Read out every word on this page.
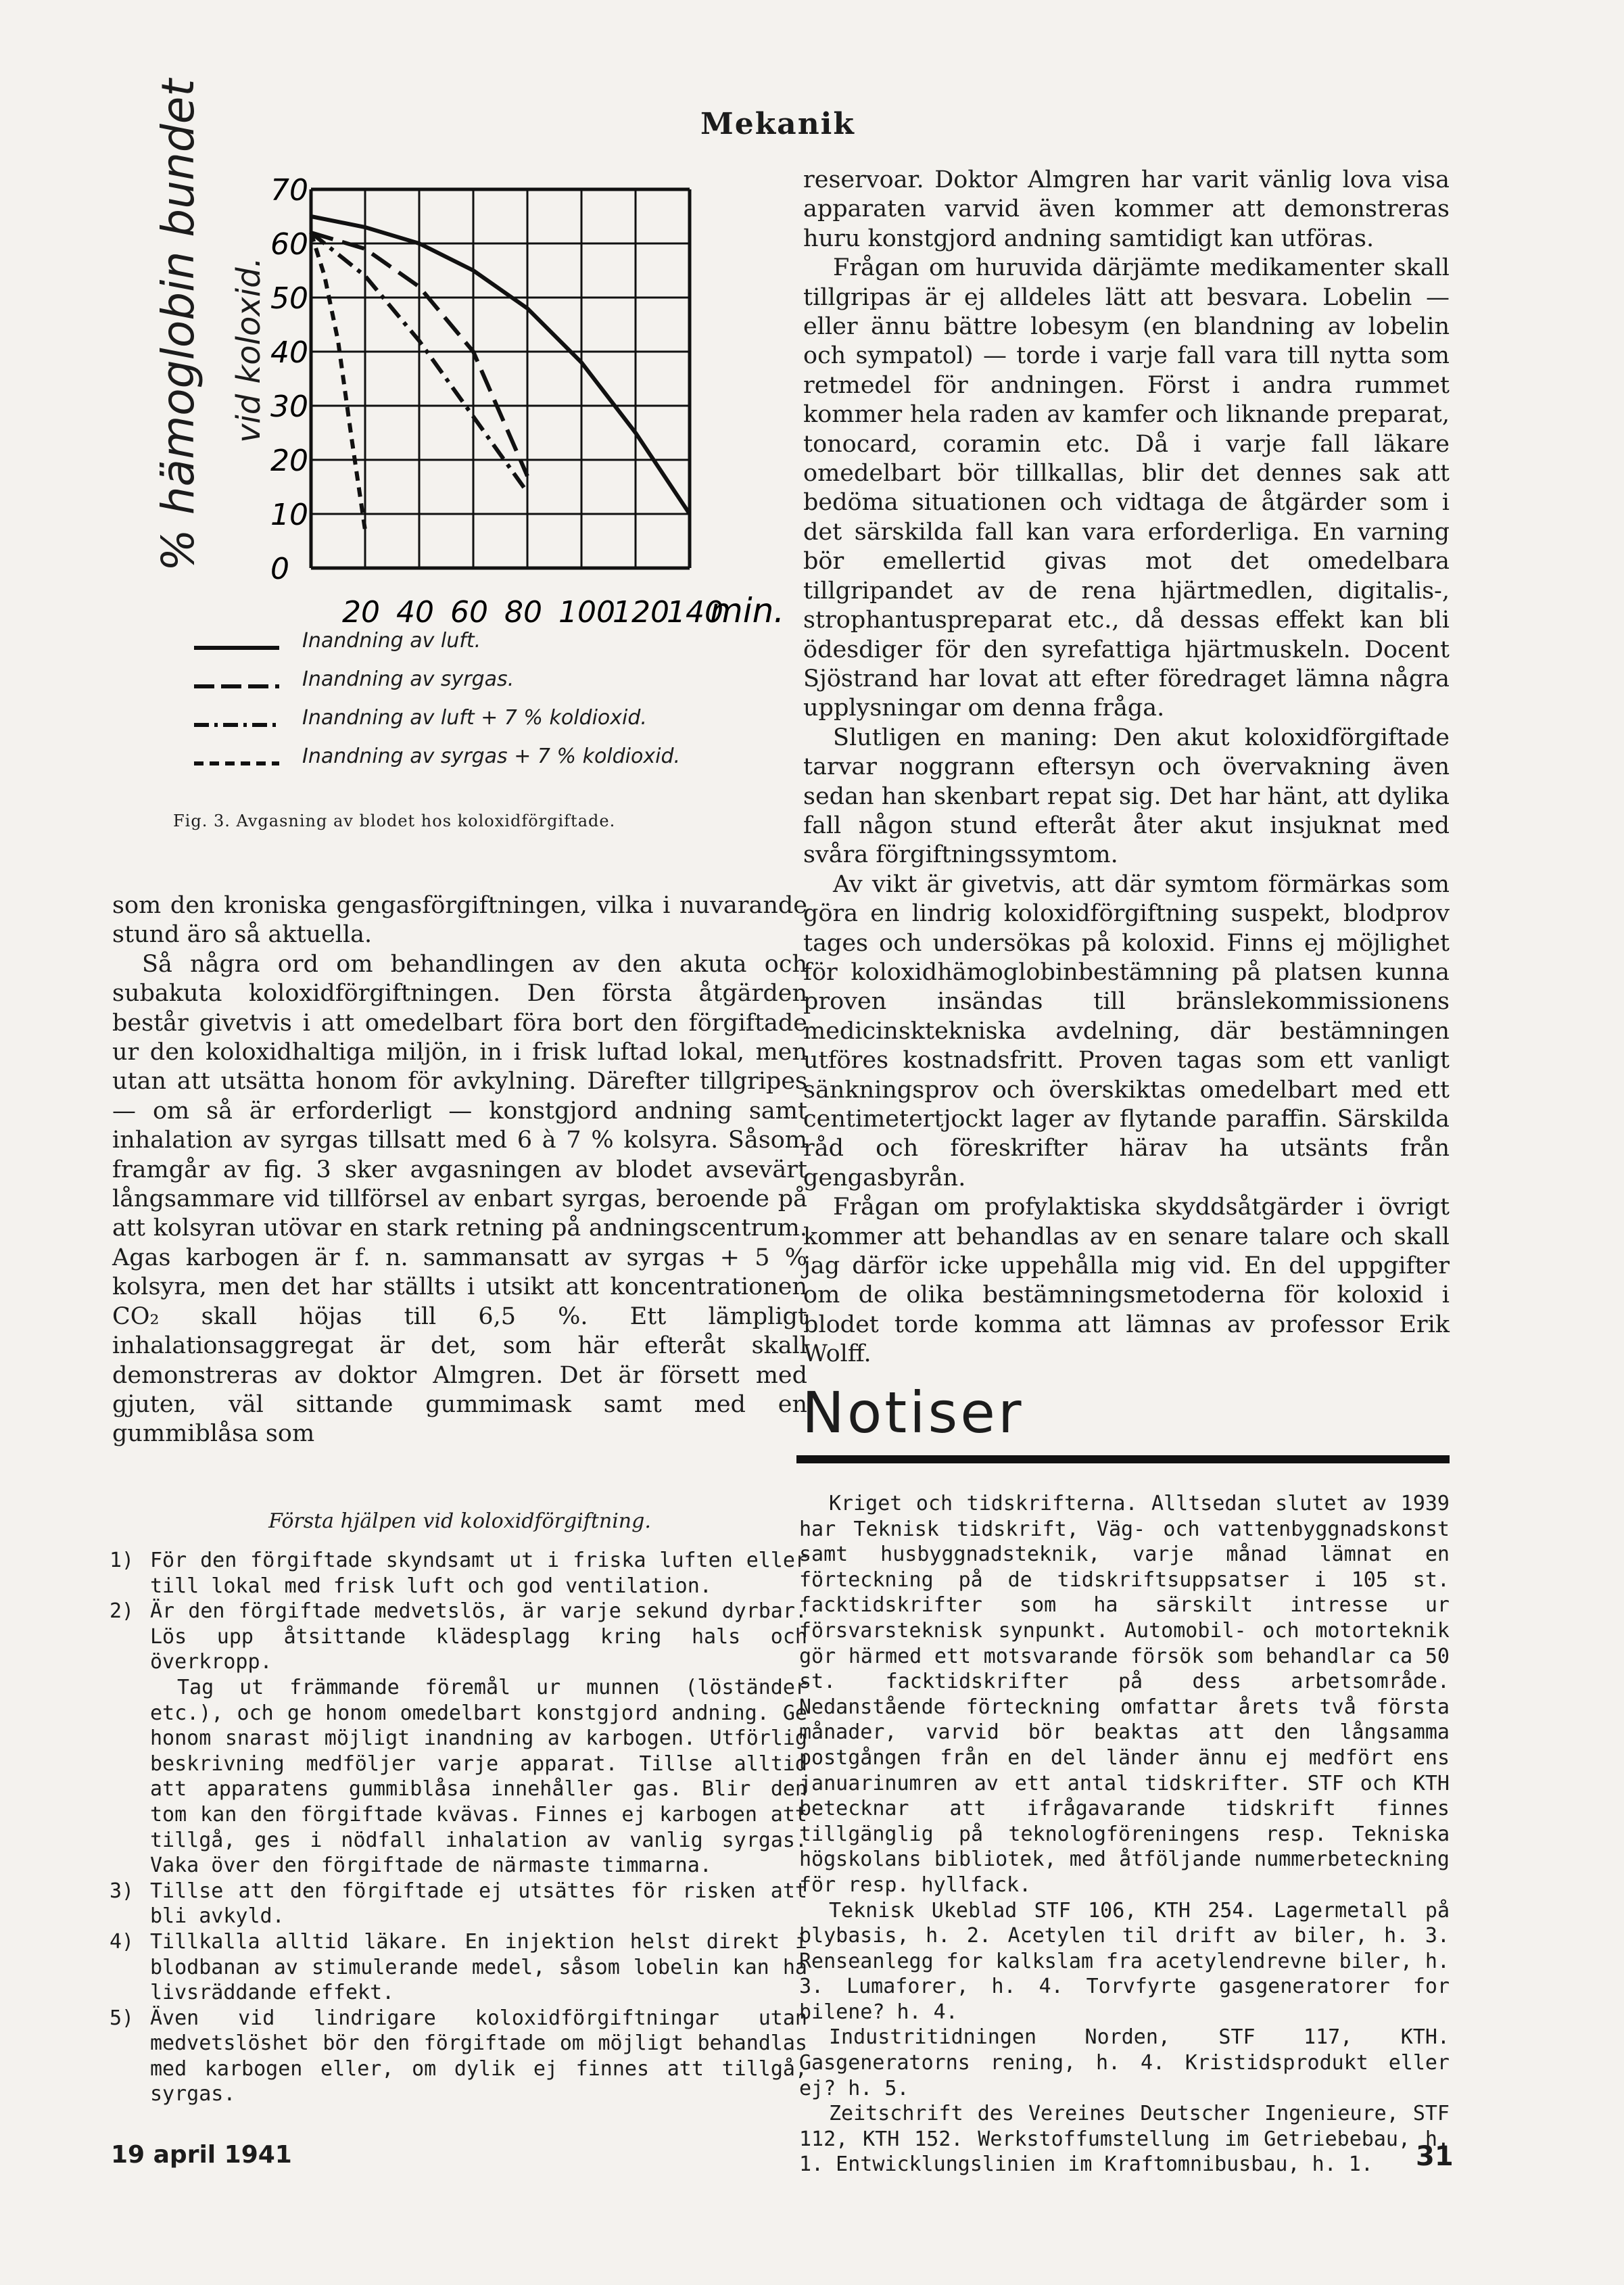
Mekanik
0
10
20
30
40
50
60
70
20 40 60 80 100
120
140
min.
% hämoglobin bundet vid koloxid.
Inandning av luft.
Inandning av syrgas.
Inandning av luft + 7 % koldioxid.
Inandning av syrgas + 7 % koldioxid.
Fig. 3. Avgasning av blodet hos koloxidförgiftade.

som den kroniska gengasförgiftningen, vilka i nuvarande stund äro så aktuella.

Så några ord om behandlingen av den akuta och subakuta koloxidförgiftningen. Den första åtgärden består givetvis i att omedelbart föra bort den förgiftade ur den koloxidhaltiga miljön, in i frisk luftad lokal, men utan att utsätta honom för avkylning. Därefter tillgripes — om så är erforderligt — konstgjord andning samt inhalation av syrgas tillsatt med 6 à 7 % kolsyra. Såsom framgår av fig. 3 sker avgasningen av blodet avsevärt långsammare vid tillförsel av enbart syrgas, beroende på att kolsyran utövar en stark retning på andningscentrum. Agas karbogen är f. n. sammansatt av syrgas + 5 % kolsyra, men det har ställts i utsikt att koncentrationen CO₂ skall höjas till 6,5 %. Ett lämpligt inhalationsaggregat är det, som här efteråt skall demonstreras av doktor Almgren. Det är försett med gjuten, väl sittande gummimask samt med en gummiblåsa som

Första hjälpen vid koloxidförgiftning.
1) För den förgiftade skyndsamt ut i friska luften eller till lokal med frisk luft och god ventilation.
2) Är den förgiftade medvetslös, är varje sekund dyrbar. Lös upp åtsittande klädesplagg kring hals och överkropp.
Tag ut främmande föremål ur munnen (löständer etc.), och ge honom omedelbart konstgjord andning. Ge honom snarast möjligt inandning av karbogen. Utförlig beskrivning medföljer varje apparat. Tillse alltid att apparatens gummiblåsa innehåller gas. Blir den tom kan den förgiftade kvävas. Finnes ej karbogen att tillgå, ges i nödfall inhalation av vanlig syrgas. Vaka över den förgiftade de närmaste timmarna.
3) Tillse att den förgiftade ej utsättes för risken att bli avkyld.
4) Tillkalla alltid läkare. En injektion helst direkt i blodbanan av stimulerande medel, såsom lobelin kan ha livsräddande effekt.
5) Även vid lindrigare koloxidförgiftningar utan medvetslöshet bör den förgiftade om möjligt behandlas med karbogen eller, om dylik ej finnes att tillgå, syrgas.

reservoar. Doktor Almgren har varit vänlig lova visa apparaten varvid även kommer att demonstreras huru konstgjord andning samtidigt kan utföras.

Frågan om huruvida därjämte medikamenter skall tillgripas är ej alldeles lätt att besvara. Lobelin — eller ännu bättre lobesym (en blandning av lobelin och sympatol) — torde i varje fall vara till nytta som retmedel för andningen. Först i andra rummet kommer hela raden av kamfer och liknande preparat, tonocard, coramin etc. Då i varje fall läkare omedelbart bör tillkallas, blir det dennes sak att bedöma situationen och vidtaga de åtgärder som i det särskilda fall kan vara erforderliga. En varning bör emellertid givas mot det omedelbara tillgripandet av de rena hjärtmedlen, digitalis-, strophantuspreparat etc., då dessas effekt kan bli ödesdiger för den syrefattiga hjärtmuskeln. Docent Sjöstrand har lovat att efter föredraget lämna några upplysningar om denna fråga.

Slutligen en maning: Den akut koloxidförgiftade tarvar noggrann eftersyn och övervakning även sedan han skenbart repat sig. Det har hänt, att dylika fall någon stund efteråt åter akut insjuknat med svåra förgiftningssymtom.

Av vikt är givetvis, att där symtom förmärkas som göra en lindrig koloxidförgiftning suspekt, blodprov tages och undersökas på koloxid. Finns ej möjlighet för koloxidhämoglobinbestämning på platsen kunna proven insändas till bränslekommissionens medicinsktekniska avdelning, där bestämningen utföres kostnadsfritt. Proven tagas som ett vanligt sänkningsprov och överskiktas omedelbart med ett centimetertjockt lager av flytande paraffin. Särskilda råd och föreskrifter härav ha utsänts från gengasbyrån.

Frågan om profylaktiska skyddsåtgärder i övrigt kommer att behandlas av en senare talare och skall jag därför icke uppehålla mig vid. En del uppgifter om de olika bestämningsmetoderna för koloxid i blodet torde komma att lämnas av professor Erik Wolff.

Notiser

Kriget och tidskrifterna. Alltsedan slutet av 1939 har Teknisk tidskrift, Väg- och vattenbyggnadskonst samt husbyggnadsteknik, varje månad lämnat en förteckning på de tidskriftsuppsatser i 105 st. facktidskrifter som ha särskilt intresse ur försvarsteknisk synpunkt. Automobil- och motorteknik gör härmed ett motsvarande försök som behandlar ca 50 st. facktidskrifter på dess arbetsområde. Nedanstående förteckning omfattar årets två första månader, varvid bör beaktas att den långsamma postgången från en del länder ännu ej medfört ens januarinumren av ett antal tidskrifter. STF och KTH betecknar att ifrågavarande tidskrift finnes tillgänglig på teknologföreningens resp. Tekniska högskolans bibliotek, med åtföljande nummerbeteckning för resp. hyllfack.

Teknisk Ukeblad STF 106, KTH 254. Lagermetall på blybasis, h. 2. Acetylen til drift av biler, h. 3. Renseanlegg for kalkslam fra acetylendrevne biler, h. 3. Lumaforer, h. 4. Torvfyrte gasgeneratorer for bilene? h. 4.

Industritidningen Norden, STF 117, KTH. Gasgeneratorns rening, h. 4. Kristidsprodukt eller ej? h. 5.

Zeitschrift des Vereines Deutscher Ingenieure, STF 112, KTH 152. Werkstoffumstellung im Getriebebau, h. 1. Entwicklungslinien im Kraftomnibusbau, h. 1.

19 april 1941	31
